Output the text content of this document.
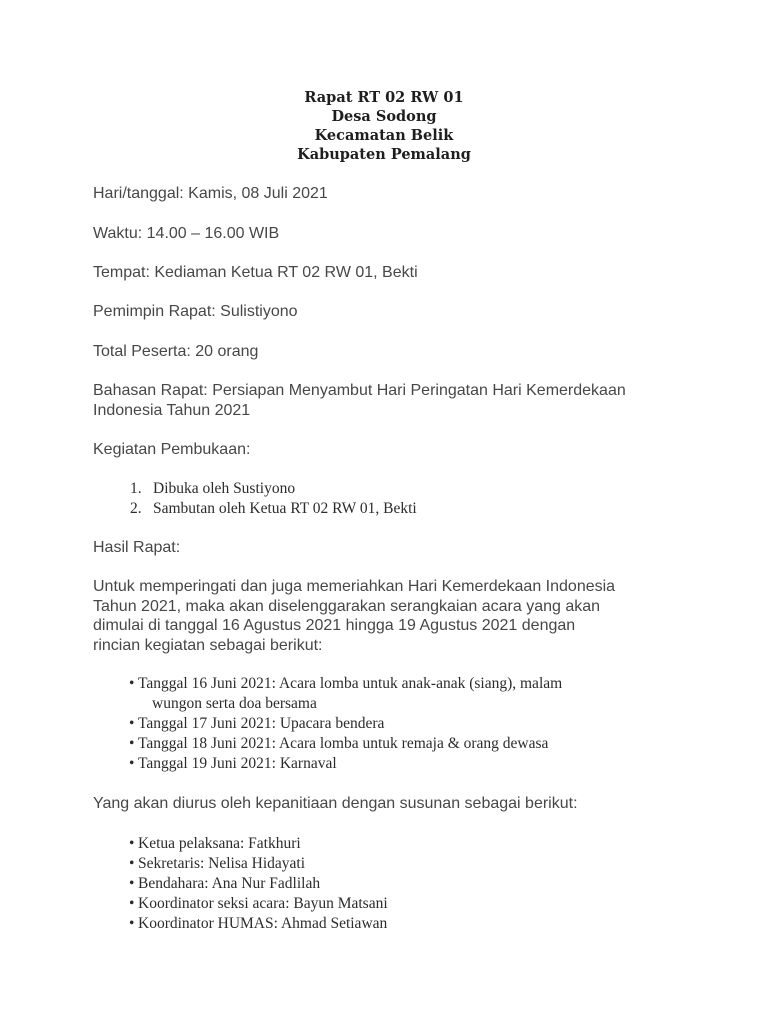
Rapat RT 02 RW 01
Desa Sodong
Kecamatan Belik
Kabupaten Pemalang

Hari/tanggal: Kamis, 08 Juli 2021

Waktu: 14.00 – 16.00 WIB

Tempat: Kediaman Ketua RT 02 RW 01, Bekti

Pemimpin Rapat: Sulistiyono

Total Peserta: 20 orang

Bahasan Rapat: Persiapan Menyambut Hari Peringatan Hari Kemerdekaan
Indonesia Tahun 2021

Kegiatan Pembukaan:

1. Dibuka oleh Sustiyono
2. Sambutan oleh Ketua RT 02 RW 01, Bekti

Hasil Rapat:

Untuk memperingati dan juga memeriahkan Hari Kemerdekaan Indonesia
Tahun 2021, maka akan diselenggarakan serangkaian acara yang akan
dimulai di tanggal 16 Agustus 2021 hingga 19 Agustus 2021 dengan
rincian kegiatan sebagai berikut:

• Tanggal 16 Juni 2021: Acara lomba untuk anak-anak (siang), malam
wungon serta doa bersama
• Tanggal 17 Juni 2021: Upacara bendera
• Tanggal 18 Juni 2021: Acara lomba untuk remaja & orang dewasa
• Tanggal 19 Juni 2021: Karnaval

Yang akan diurus oleh kepanitiaan dengan susunan sebagai berikut:

• Ketua pelaksana: Fatkhuri
• Sekretaris: Nelisa Hidayati
• Bendahara: Ana Nur Fadlilah
• Koordinator seksi acara: Bayun Matsani
• Koordinator HUMAS: Ahmad Setiawan
